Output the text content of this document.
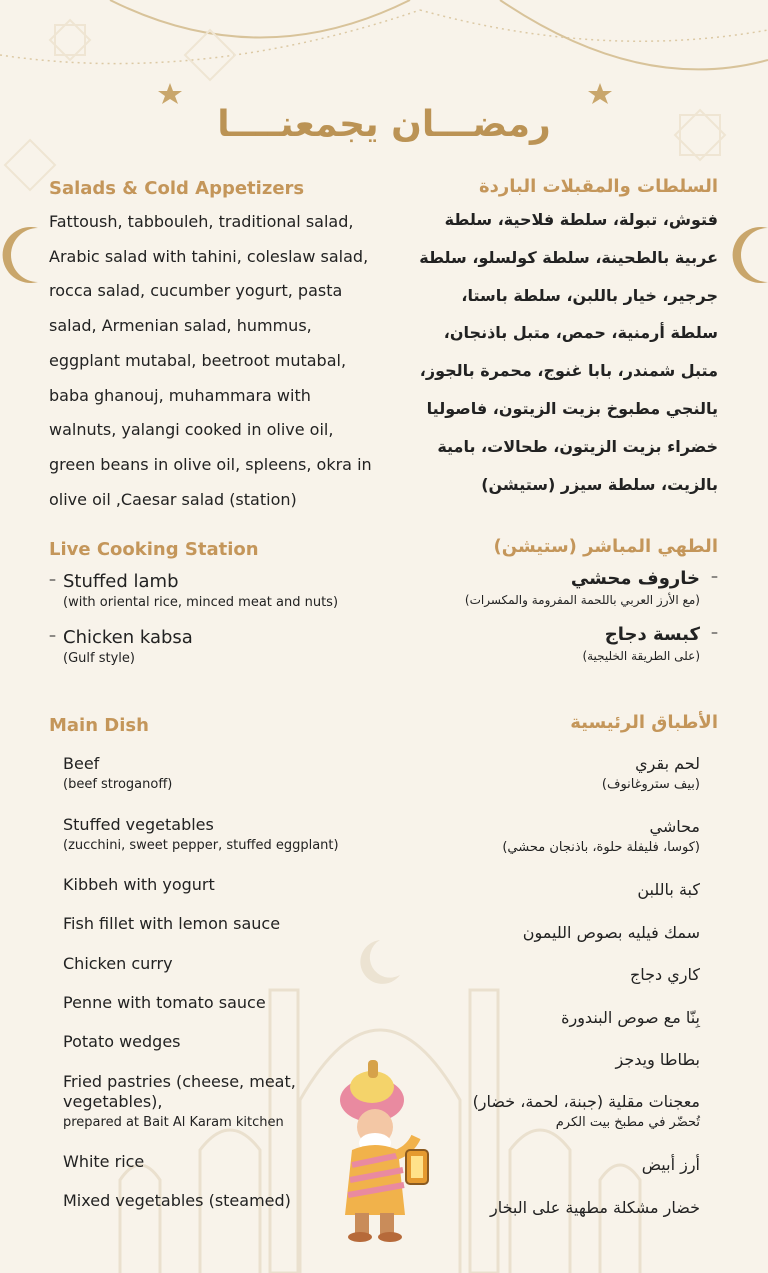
رمضـــان يجمعنــــا
Salads & Cold Appetizers
Fattoush, tabbouleh, traditional salad, Arabic salad with tahini, coleslaw salad, rocca salad, cucumber yogurt, pasta salad, Armenian salad, hummus, eggplant mutabal, beetroot mutabal, baba ghanouj, muhammara with walnuts, yalangi cooked in olive oil, green beans in olive oil, spleens, okra in olive oil ,Caesar salad (station)
السلطات والمقبلات الباردة
فتوش، تبولة، سلطة فلاحية، سلطة عربية بالطحينة، سلطة كولسلو، سلطة جرجير، خيار باللبن، سلطة باستا، سلطة أرمنية، حمص، متبل باذنجان، متبل شمندر، بابا غنوج، محمرة بالجوز، يالنجي مطبوخ بزيت الزيتون، فاصوليا خضراء بزيت الزيتون، طحالات، بامية بالزيت، سلطة سيزر (ستيشن)
Live Cooking Station
– Stuffed lamb
(with oriental rice, minced meat and nuts)
– Chicken kabsa
(Gulf style)
الطهي المباشر (ستيشن)
– خاروف محشي
(مع الأرز العربي باللحمة المفرومة والمكسرات)
– كبسة دجاج
(على الطريقة الخليجية)
Main Dish
Beef
(beef stroganoff)
Stuffed vegetables
(zucchini, sweet pepper, stuffed eggplant)
Kibbeh with yogurt
Fish fillet with lemon sauce
Chicken curry
Penne with tomato sauce
Potato wedges
Fried pastries (cheese, meat, vegetables),
prepared at Bait Al Karam kitchen
White rice
Mixed vegetables (steamed)
الأطباق الرئيسية
لحم بقري
(بيف ستروغانوف)
محاشي
(كوسا، فليفلة حلوة، باذنجان محشي)
كبة باللبن
سمك فيليه بصوص الليمون
كاري دجاج
بِنّا مع صوص البندورة
بطاطا ويدجز
معجنات مقلية (جبنة، لحمة، خضار)
تُحضّر في مطبخ بيت الكرم
أرز أبيض
خضار مشكلة مطهية على البخار
